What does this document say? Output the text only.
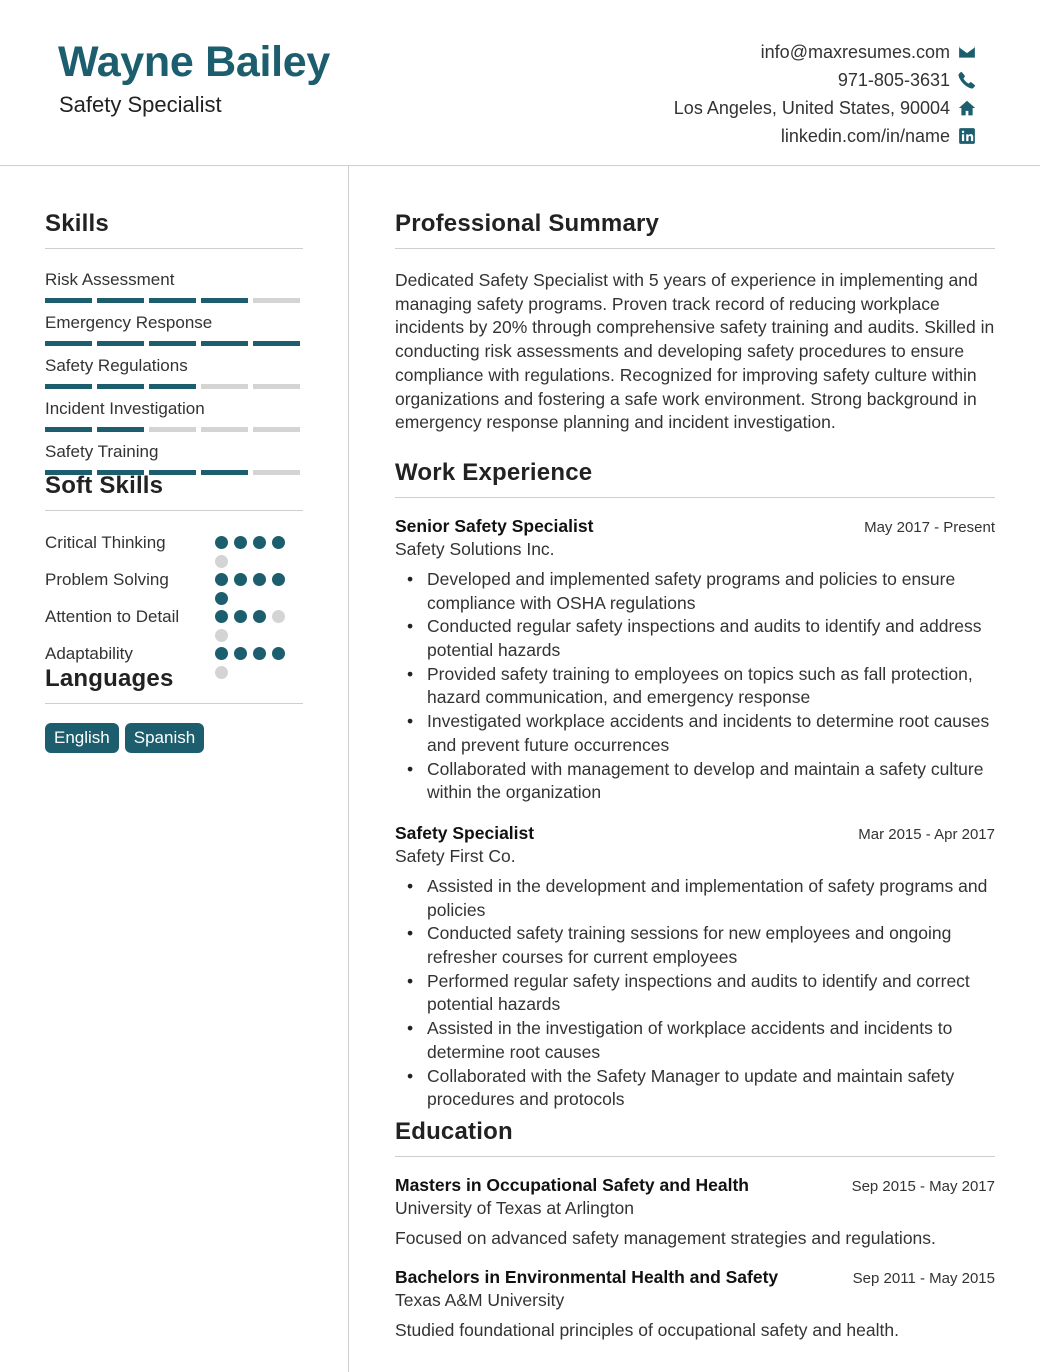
Wayne Bailey
Safety Specialist
info@maxresumes.com
971-805-3631
Los Angeles, United States, 90004
linkedin.com/in/name
Skills
Risk Assessment
Emergency Response
Safety Regulations
Incident Investigation
Safety Training
Soft Skills
Critical Thinking
Problem Solving
Attention to Detail
Adaptability
Languages
English	Spanish
Professional Summary
Dedicated Safety Specialist with 5 years of experience in implementing and managing safety programs. Proven track record of reducing workplace incidents by 20% through comprehensive safety training and audits. Skilled in conducting risk assessments and developing safety procedures to ensure compliance with regulations. Recognized for improving safety culture within organizations and fostering a safe work environment. Strong background in emergency response planning and incident investigation.
Work Experience
Senior Safety Specialist	May 2017 - Present
Safety Solutions Inc.
• Developed and implemented safety programs and policies to ensure compliance with OSHA regulations
• Conducted regular safety inspections and audits to identify and address potential hazards
• Provided safety training to employees on topics such as fall protection, hazard communication, and emergency response
• Investigated workplace accidents and incidents to determine root causes and prevent future occurrences
• Collaborated with management to develop and maintain a safety culture within the organization
Safety Specialist	Mar 2015 - Apr 2017
Safety First Co.
• Assisted in the development and implementation of safety programs and policies
• Conducted safety training sessions for new employees and ongoing refresher courses for current employees
• Performed regular safety inspections and audits to identify and correct potential hazards
• Assisted in the investigation of workplace accidents and incidents to determine root causes
• Collaborated with the Safety Manager to update and maintain safety procedures and protocols
Education
Masters in Occupational Safety and Health	Sep 2015 - May 2017
University of Texas at Arlington
Focused on advanced safety management strategies and regulations.
Bachelors in Environmental Health and Safety	Sep 2011 - May 2015
Texas A&M University
Studied foundational principles of occupational safety and health.
